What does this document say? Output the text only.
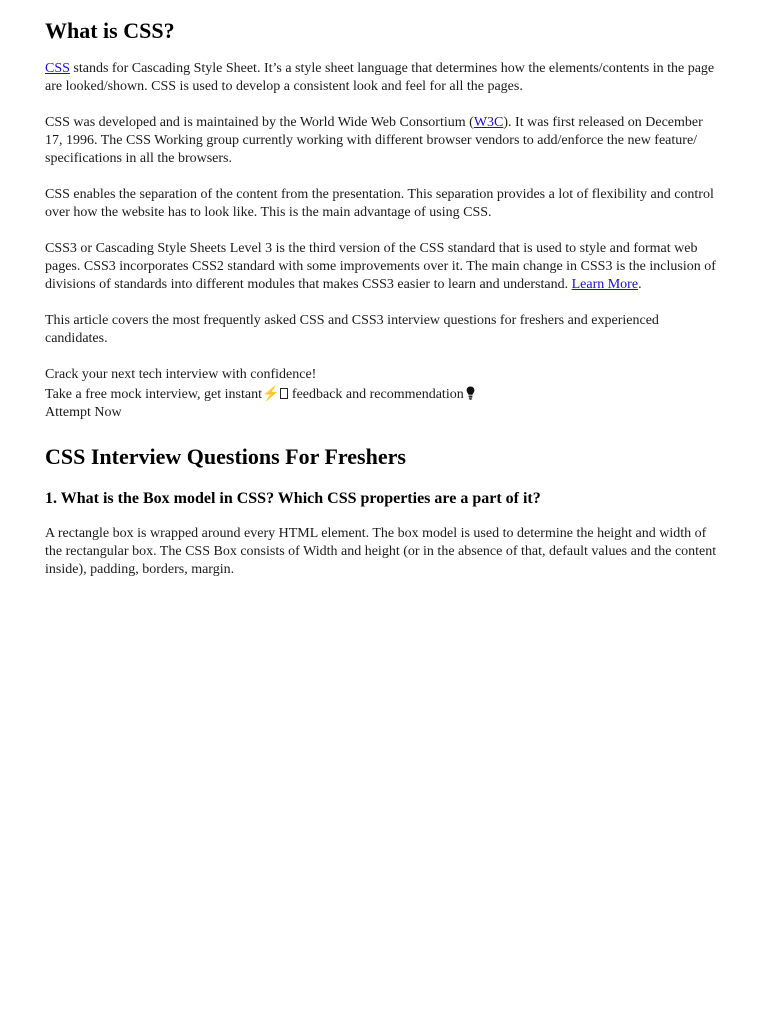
What is CSS?

CSS stands for Cascading Style Sheet. It’s a style sheet language that determines how the elements/contents in the page are looked/shown. CSS is used to develop a consistent look and feel for all the pages.

CSS was developed and is maintained by the World Wide Web Consortium (W3C). It was first released on December 17, 1996. The CSS Working group currently working with different browser vendors to add/enforce the new feature/ specifications in all the browsers.

CSS enables the separation of the content from the presentation. This separation provides a lot of flexibility and control over how the website has to look like. This is the main advantage of using CSS.

CSS3 or Cascading Style Sheets Level 3 is the third version of the CSS standard that is used to style and format web pages. CSS3 incorporates CSS2 standard with some improvements over it. The main change in CSS3 is the inclusion of divisions of standards into different modules that makes CSS3 easier to learn and understand. Learn More.

This article covers the most frequently asked CSS and CSS3 interview questions for freshers and experienced candidates.

Crack your next tech interview with confidence!

Take a free mock interview, get instant⚡ feedback and recommendation

Attempt Now

CSS Interview Questions For Freshers
1. What is the Box model in CSS? Which CSS properties are a part of it?

A rectangle box is wrapped around every HTML element. The box model is used to determine the height and width of the rectangular box. The CSS Box consists of Width and height (or in the absence of that, default values and the content inside), padding, borders, margin.
